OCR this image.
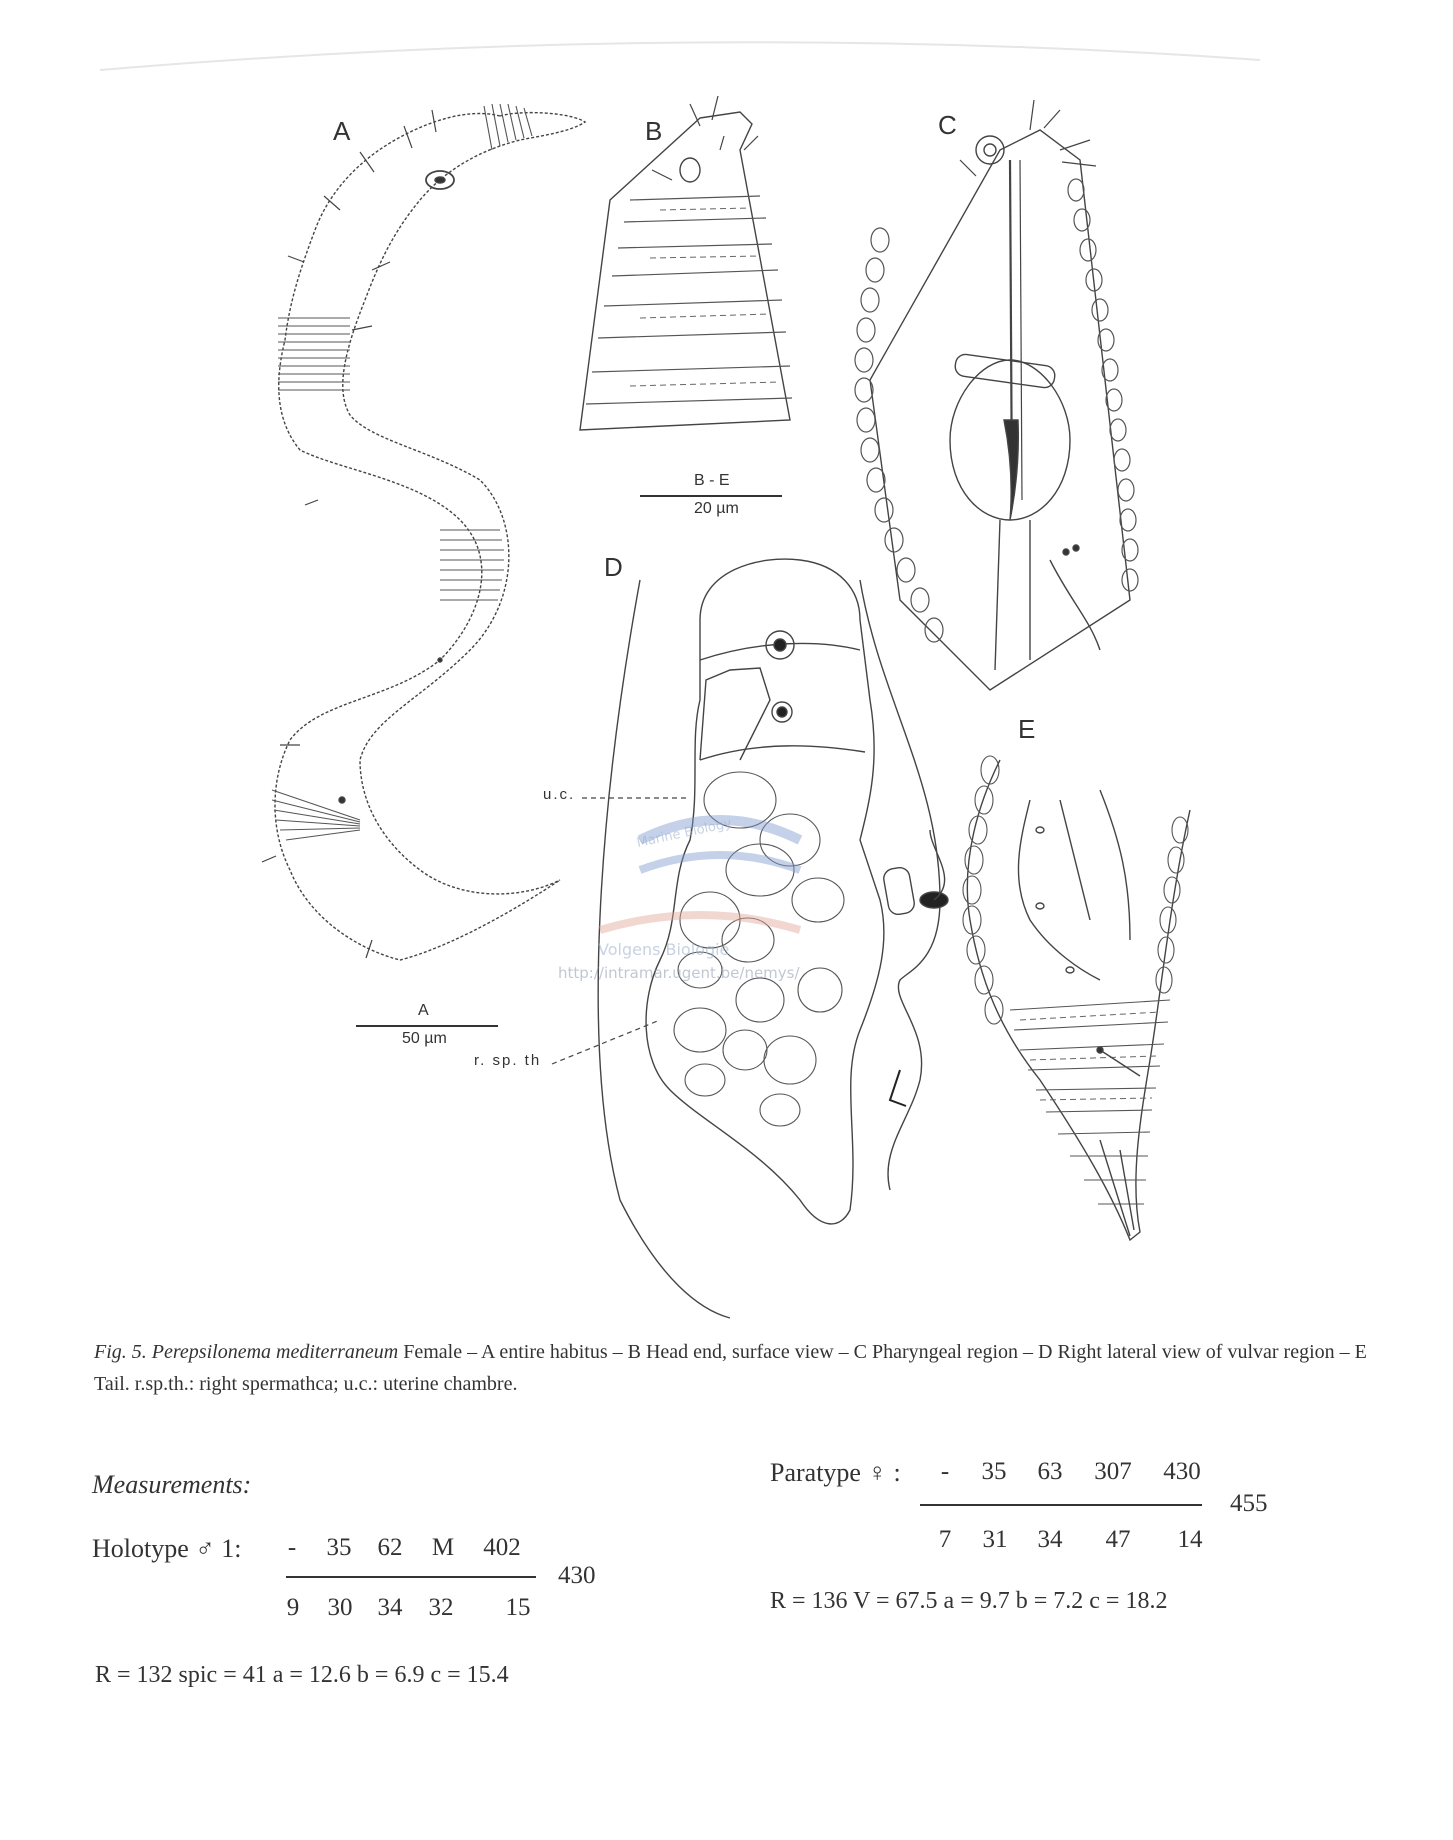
A	B	C
D
E
A
50 µm
B - E
20 µm
u.c.
r. sp. th
Marine Biology
Volgens Biologie
http://intramar.ugent.be/nemys/
Fig. 5. Perepsilonema mediterraneum Female – A entire habitus – B Head end, surface view – C Pharyngeal region – D Right lateral view of vulvar region – E Tail. r.sp.th.: right spermathca; u.c.: uterine chambre.
Measurements:
Holotype ♂ 1:	-	35	62	M	402
430
9	30	34	32	15
R = 132 spic = 41 a = 12.6 b = 6.9 c = 15.4
Paratype ♀ :	-	35	63	307	430
455
7	31	34	47	14
R = 136 V = 67.5 a = 9.7 b = 7.2 c = 18.2
